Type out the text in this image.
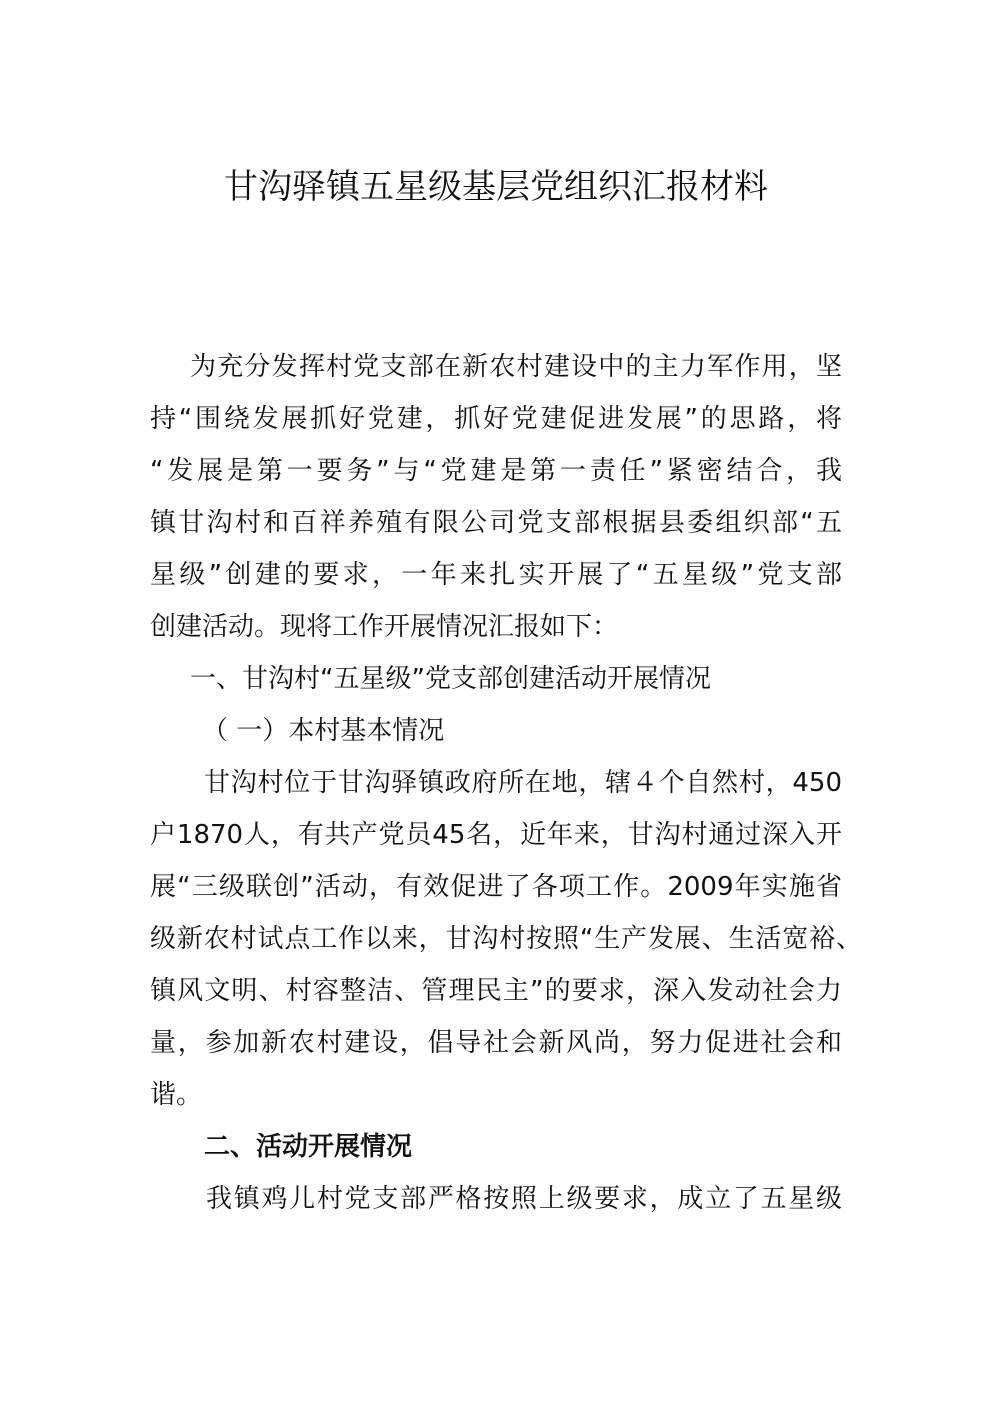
甘沟驿镇五星级基层党组织汇报材料

为充分发挥村党支部在新农村建设中的主力军作用，坚

持“围绕发展抓好党建，抓好党建促进发展”的思路，将

“发展是第一要务”与“党建是第一责任”紧密结合，我

镇甘沟村和百祥养殖有限公司党支部根据县委组织部“五

星级”创建的要求，一年来扎实开展了“五星级”党支部

创建活动。现将工作开展情况汇报如下：

一、甘沟村“五星级”党支部创建活动开展情况

（ 一）本村基本情况

甘沟村位于甘沟驿镇政府所在地，辖４个自然村，450

户1870人，有共产党员45名，近年来，甘沟村通过深入开

展“三级联创”活动，有效促进了各项工作。2009年实施省

级新农村试点工作以来，甘沟村按照“生产发展、生活宽裕、

镇风文明、村容整洁、管理民主”的要求，深入发动社会力

量，参加新农村建设，倡导社会新风尚，努力促进社会和

谐。

二、活动开展情况

我镇鸡儿村党支部严格按照上级要求，成立了五星级
